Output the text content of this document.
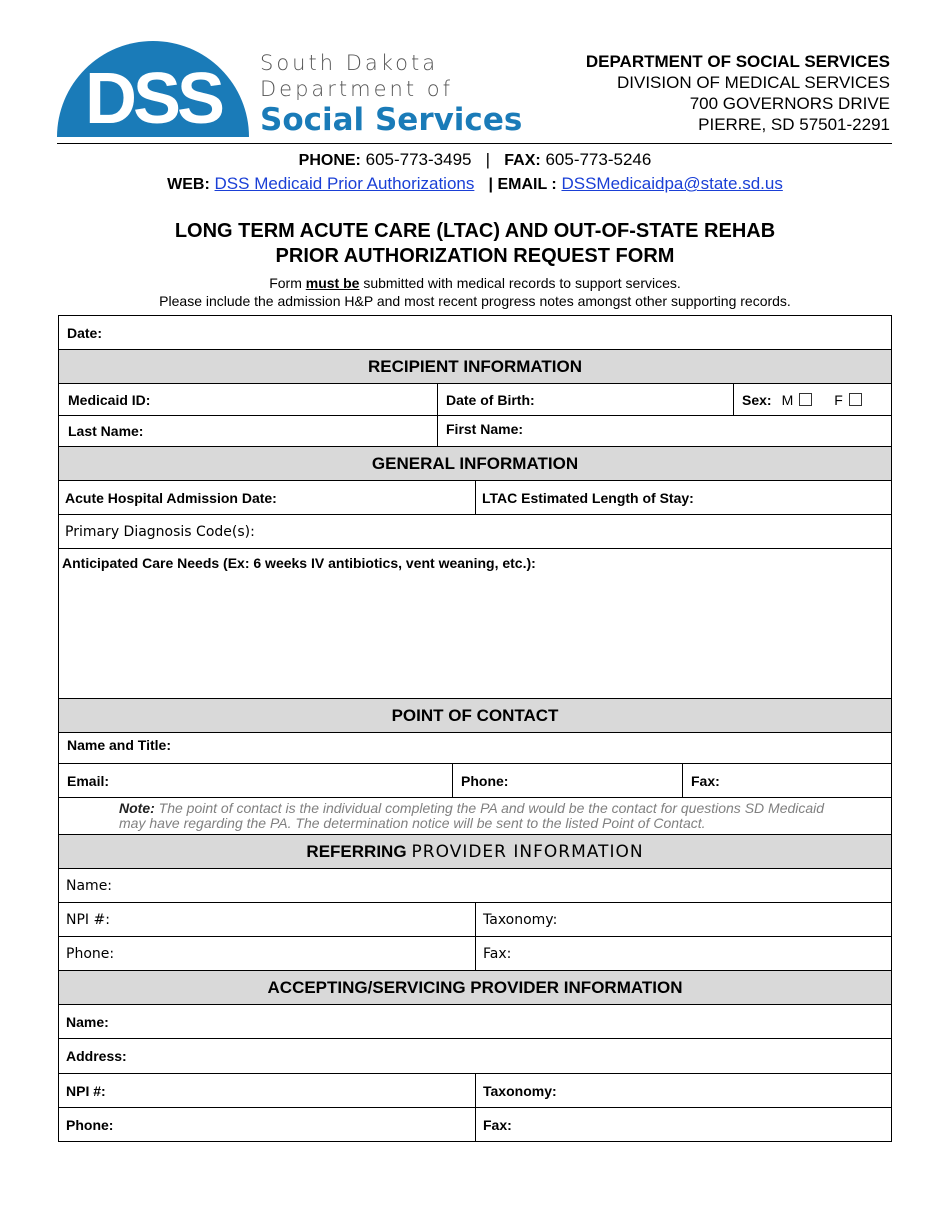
DSS South Dakota
Department of
Social Services
DEPARTMENT OF SOCIAL SERVICES
DIVISION OF MEDICAL SERVICES
700 GOVERNORS DRIVE
PIERRE, SD 57501-2291
PHONE: 605-773-3495 | FAX: 605-773-5246
WEB: DSS Medicaid Prior Authorizations | EMAIL : DSSMedicaidpa@state.sd.us
LONG TERM ACUTE CARE (LTAC) AND OUT-OF-STATE REHAB
PRIOR AUTHORIZATION REQUEST FORM
Form must be submitted with medical records to support services.
Please include the admission H&P and most recent progress notes amongst other supporting records.
Date:
RECIPIENT INFORMATION
Medicaid ID:	Date of Birth:	Sex: M	F
Last Name:	First Name:
GENERAL INFORMATION
Acute Hospital Admission Date:	LTAC Estimated Length of Stay:
Primary Diagnosis Code(s):
Anticipated Care Needs (Ex: 6 weeks IV antibiotics, vent weaning, etc.):
POINT OF CONTACT
Name and Title:
Email:	Phone:	Fax:
Note: The point of contact is the individual completing the PA and would be the contact for questions SD Medicaid may have regarding the PA. The determination notice will be sent to the listed Point of Contact.
REFERRING PROVIDER INFORMATION
Name:
NPI #:	Taxonomy:
Phone:	Fax:
ACCEPTING/SERVICING PROVIDER INFORMATION
Name:
Address:
NPI #:	Taxonomy:
Phone:	Fax:
